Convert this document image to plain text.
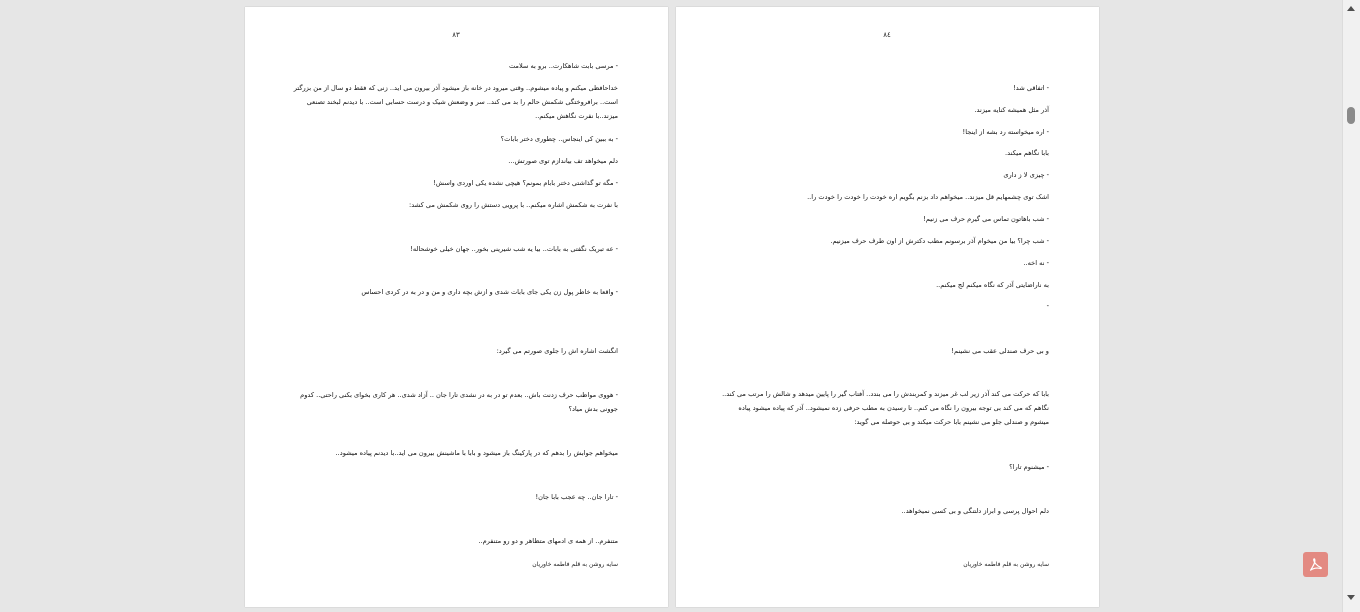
۸۳
- مرسی بابت شاهکارت.. برو به سلامت
خداحافظی میکنم و پیاده میشوم.. وقتی میرود در خانه باز میشود آذر بیرون می اید.. زنی که فقط دو سال از من بزرگتر است.. برافروختگی شکمش حالم را بد می کند.. سر و وضعش شیک و درست حسابی است.. با دیدنم لبخند تصنعی میزند..با نفرت نگاهش میکنم..
- به ببین کی اینجاس.. چطوری دختر بابات؟
دلم میخواهد تف بیاندازم توی صورتش...
- مگه تو گذاشتی دختر بابام بمونم؟ هیچی نشده یکی اوردی واسش!
با نفرت به شکمش اشاره میکنم.. با پرویی دستش را روی شکمش می کشد:
- عه تبریک نگفتی به بابات.. بیا یه شب شیرینی بخور.. جهان خیلی خوشحاله!
- واقعا به خاطر پول زن یکی جای بابات شدی و ازش بچه داری و من و در به در کردی احساس
انگشت اشاره اش را جلوی صورتم می گیرد:
- هووی مواظب حرف زدنت باش.. بعدم تو در به در نشدی تارا جان .. آزاد شدی.. هر کاری بخوای بکنی راحتی.. کدوم جوونی بدش میاد؟
میخواهم جوابش را بدهم که در پارکینگ باز میشود و بابا با ماشینش بیرون می اید..با دیدنم پیاده میشود..
- تارا جان.. چه عجب بابا جان!
متنفرم.. از همه ی ادمهای متظاهر و دو رو متنفرم..
سایه روشن به قلم فاطمه خاوریان
۸٤
- اتفاقی شد!
آذر مثل همیشه کنایه میزند.
- اره میخواسته رد بشه از اینجا!
بابا نگاهم میکند.
- چیزی لا ز داری
اشک توی چشمهایم قل میزند.. میخواهم داد بزنم بگویم اره خودت را خودت را خودت را..
- شب باهاتون تماس می گیرم حرف می زنیم!
- شب چرا؟ بیا من میخوام آذر برسونم مطب دکترش از اون طرف حرف میزنیم.
- نه اخه..
به ناراضایتی آذر که نگاه میکنم لج میکنم..
-
و بی حرف صندلی عقب می نشینم!
بابا که حرکت می کند آذر زیر لب غر میزند و کمربندش را می بندد.. آفتاب گیر را پایین میدهد و شالش را مرتب می کند.. نگاهم که می کند بی توجه بیرون را نگاه می کنم.. تا رسیدن به مطب حرفی زده نمیشود.. آذر که پیاده میشود پیاده میشوم و صندلی جلو می نشینم بابا حرکت میکند و بی حوصله می گوید:
- میشنوم تارا؟
دلم احوال پرسی و ابراز دلتنگی و بی کسی نمیخواهد..
سایه روشن به قلم فاطمه خاوریان
